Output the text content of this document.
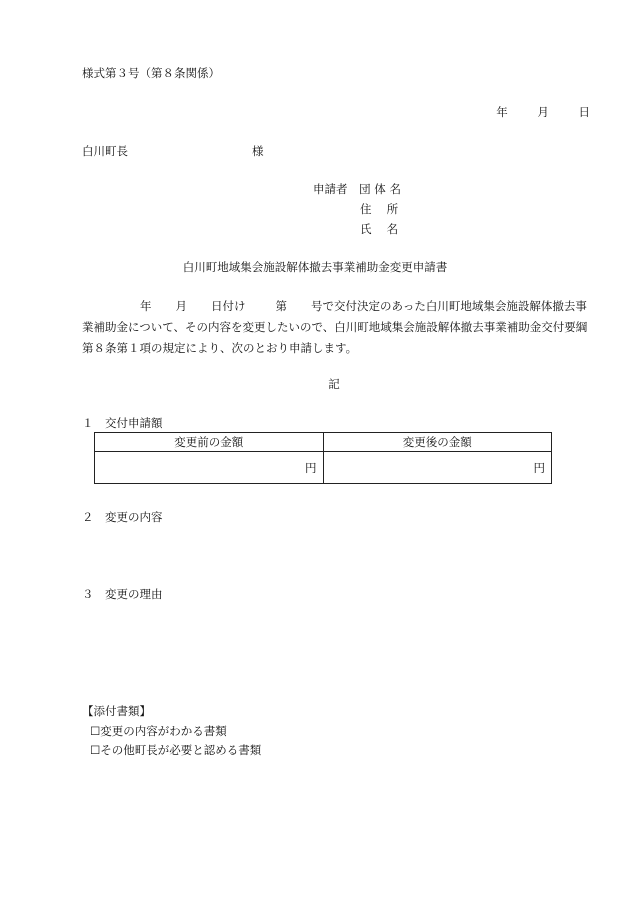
様式第３号（第８条関係）
年	月	日
白川町長	様
申請者 団 体 名
住　 所
氏　 名
白川町地域集会施設解体撤去事業補助金変更申請書
年 月 日付け	第 号で交付決定のあった白川町地域集会施設解体撤去事業補助金について、その内容を変更したいので、白川町地域集会施設解体撤去事業補助金交付要綱第８条第１項の規定により、次のとおり申請します。
記
１　交付申請額
変更前の金額	変更後の金額
円	円
２　変更の内容
３　変更の理由
【添付書類】
☐変更の内容がわかる書類
☐その他町長が必要と認める書類
